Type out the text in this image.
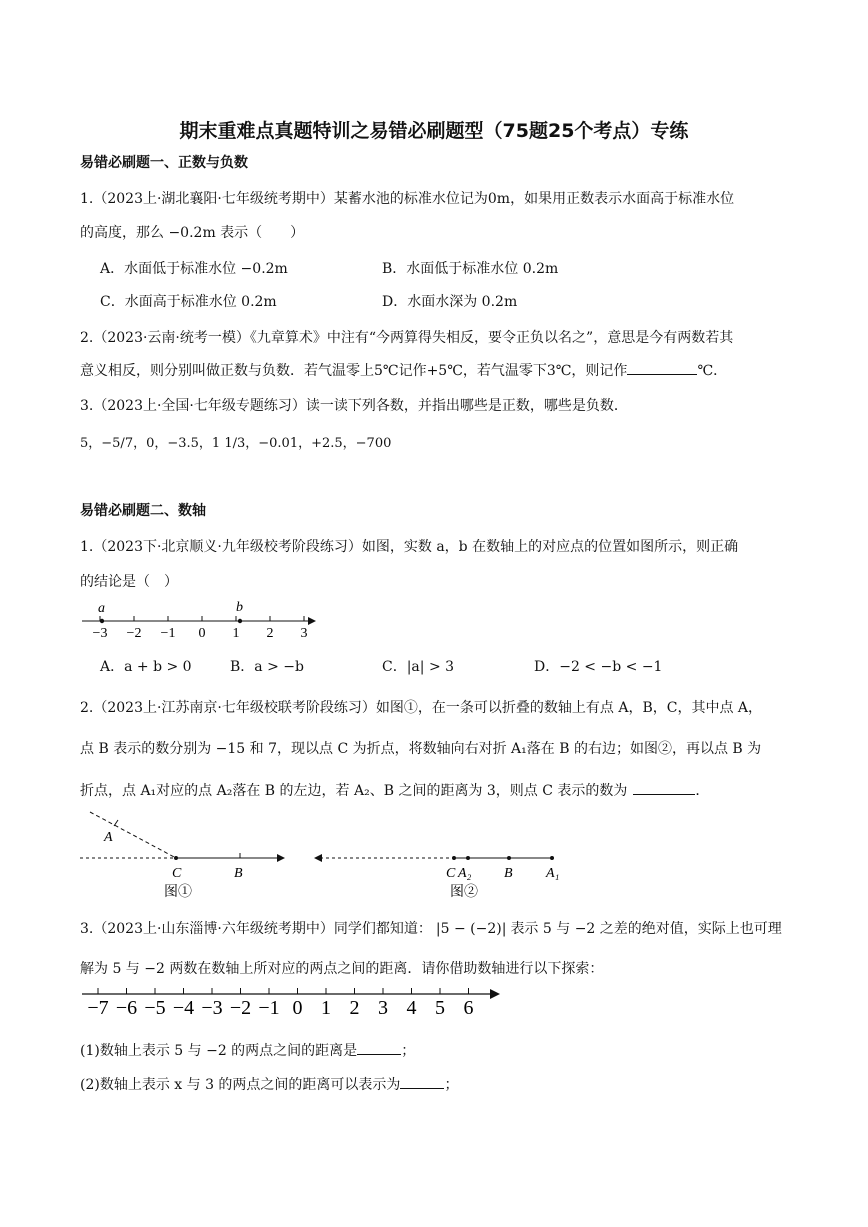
期末重难点真题特训之易错必刷题型（75题25个考点）专练
易错必刷题一、正数与负数
1.（2023上·湖北襄阳·七年级统考期中）某蓄水池的标准水位记为0m，如果用正数表示水面高于标准水位
的高度，那么 −0.2m 表示（　　）
A．水面低于标准水位 −0.2m	B．水面低于标准水位 0.2m
C．水面高于标准水位 0.2m	D．水面水深为 0.2m
2.（2023·云南·统考一模）《九章算术》中注有“今两算得失相反，要令正负以名之”，意思是今有两数若其
意义相反，则分别叫做正数与负数．若气温零上5℃记作+5℃，若气温零下3℃，则记作	℃．
3.（2023上·全国·七年级专题练习）读一读下列各数，并指出哪些是正数，哪些是负数．
5，−5/7，0，−3.5，1 1/3，−0.01，+2.5，−700
易错必刷题二、数轴
1.（2023下·北京顺义·九年级校考阶段练习）如图，实数 a，b 在数轴上的对应点的位置如图所示，则正确
的结论是（　）
−3 −2 −1 0 1 2 3
a	b
A．a + b > 0	B．a > −b	C．|a| > 3	D．−2 < −b < −1
2.（2023上·江苏南京·七年级校联考阶段练习）如图①，在一条可以折叠的数轴上有点 A，B，C，其中点 A，
点 B 表示的数分别为 −15 和 7，现以点 C 为折点，将数轴向右对折 A₁落在 B 的右边；如图②，再以点 B 为
折点，点 A₁对应的点 A₂落在 B 的左边，若 A₂、B 之间的距离为 3，则点 C 表示的数为	．
A
C	B
图①
C A₂ B A₁
图②
3.（2023上·山东淄博·六年级统考期中）同学们都知道： |5 − (−2)| 表示 5 与 −2 之差的绝对值，实际上也可理
解为 5 与 −2 两数在数轴上所对应的两点之间的距离．请你借助数轴进行以下探索：
−7 −6 −5 −4 −3 −2 −1 0 1 2 3 4 5 6
(1)数轴上表示 5 与 −2 的两点之间的距离是	；
(2)数轴上表示 x 与 3 的两点之间的距离可以表示为	；
